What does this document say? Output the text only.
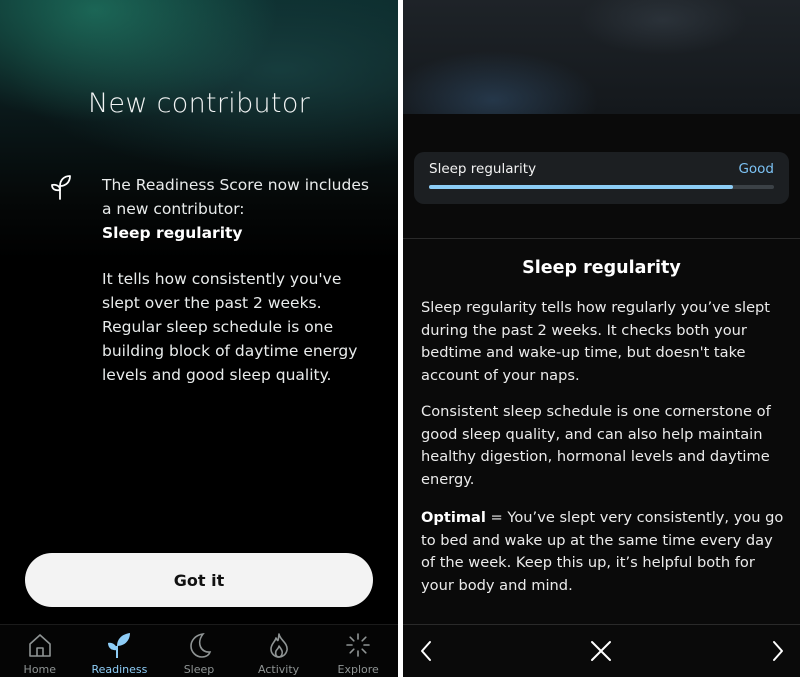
New contributor
The Readiness Score now includes a new contributor:
Sleep regularity
It tells how consistently you've slept over the past 2 weeks. Regular sleep schedule is one building block of daytime energy levels and good sleep quality.
Got it
Home	Readiness	Sleep	Activity	Explore
Sleep regularity	Good
Sleep regularity
Sleep regularity tells how regularly you’ve slept during the past 2 weeks. It checks both your bedtime and wake-up time, but doesn't take account of your naps.
Consistent sleep schedule is one cornerstone of good sleep quality, and can also help maintain healthy digestion, hormonal levels and daytime energy.
Optimal = You’ve slept very consistently, you go to bed and wake up at the same time every day of the week. Keep this up, it’s helpful both for your body and mind.
